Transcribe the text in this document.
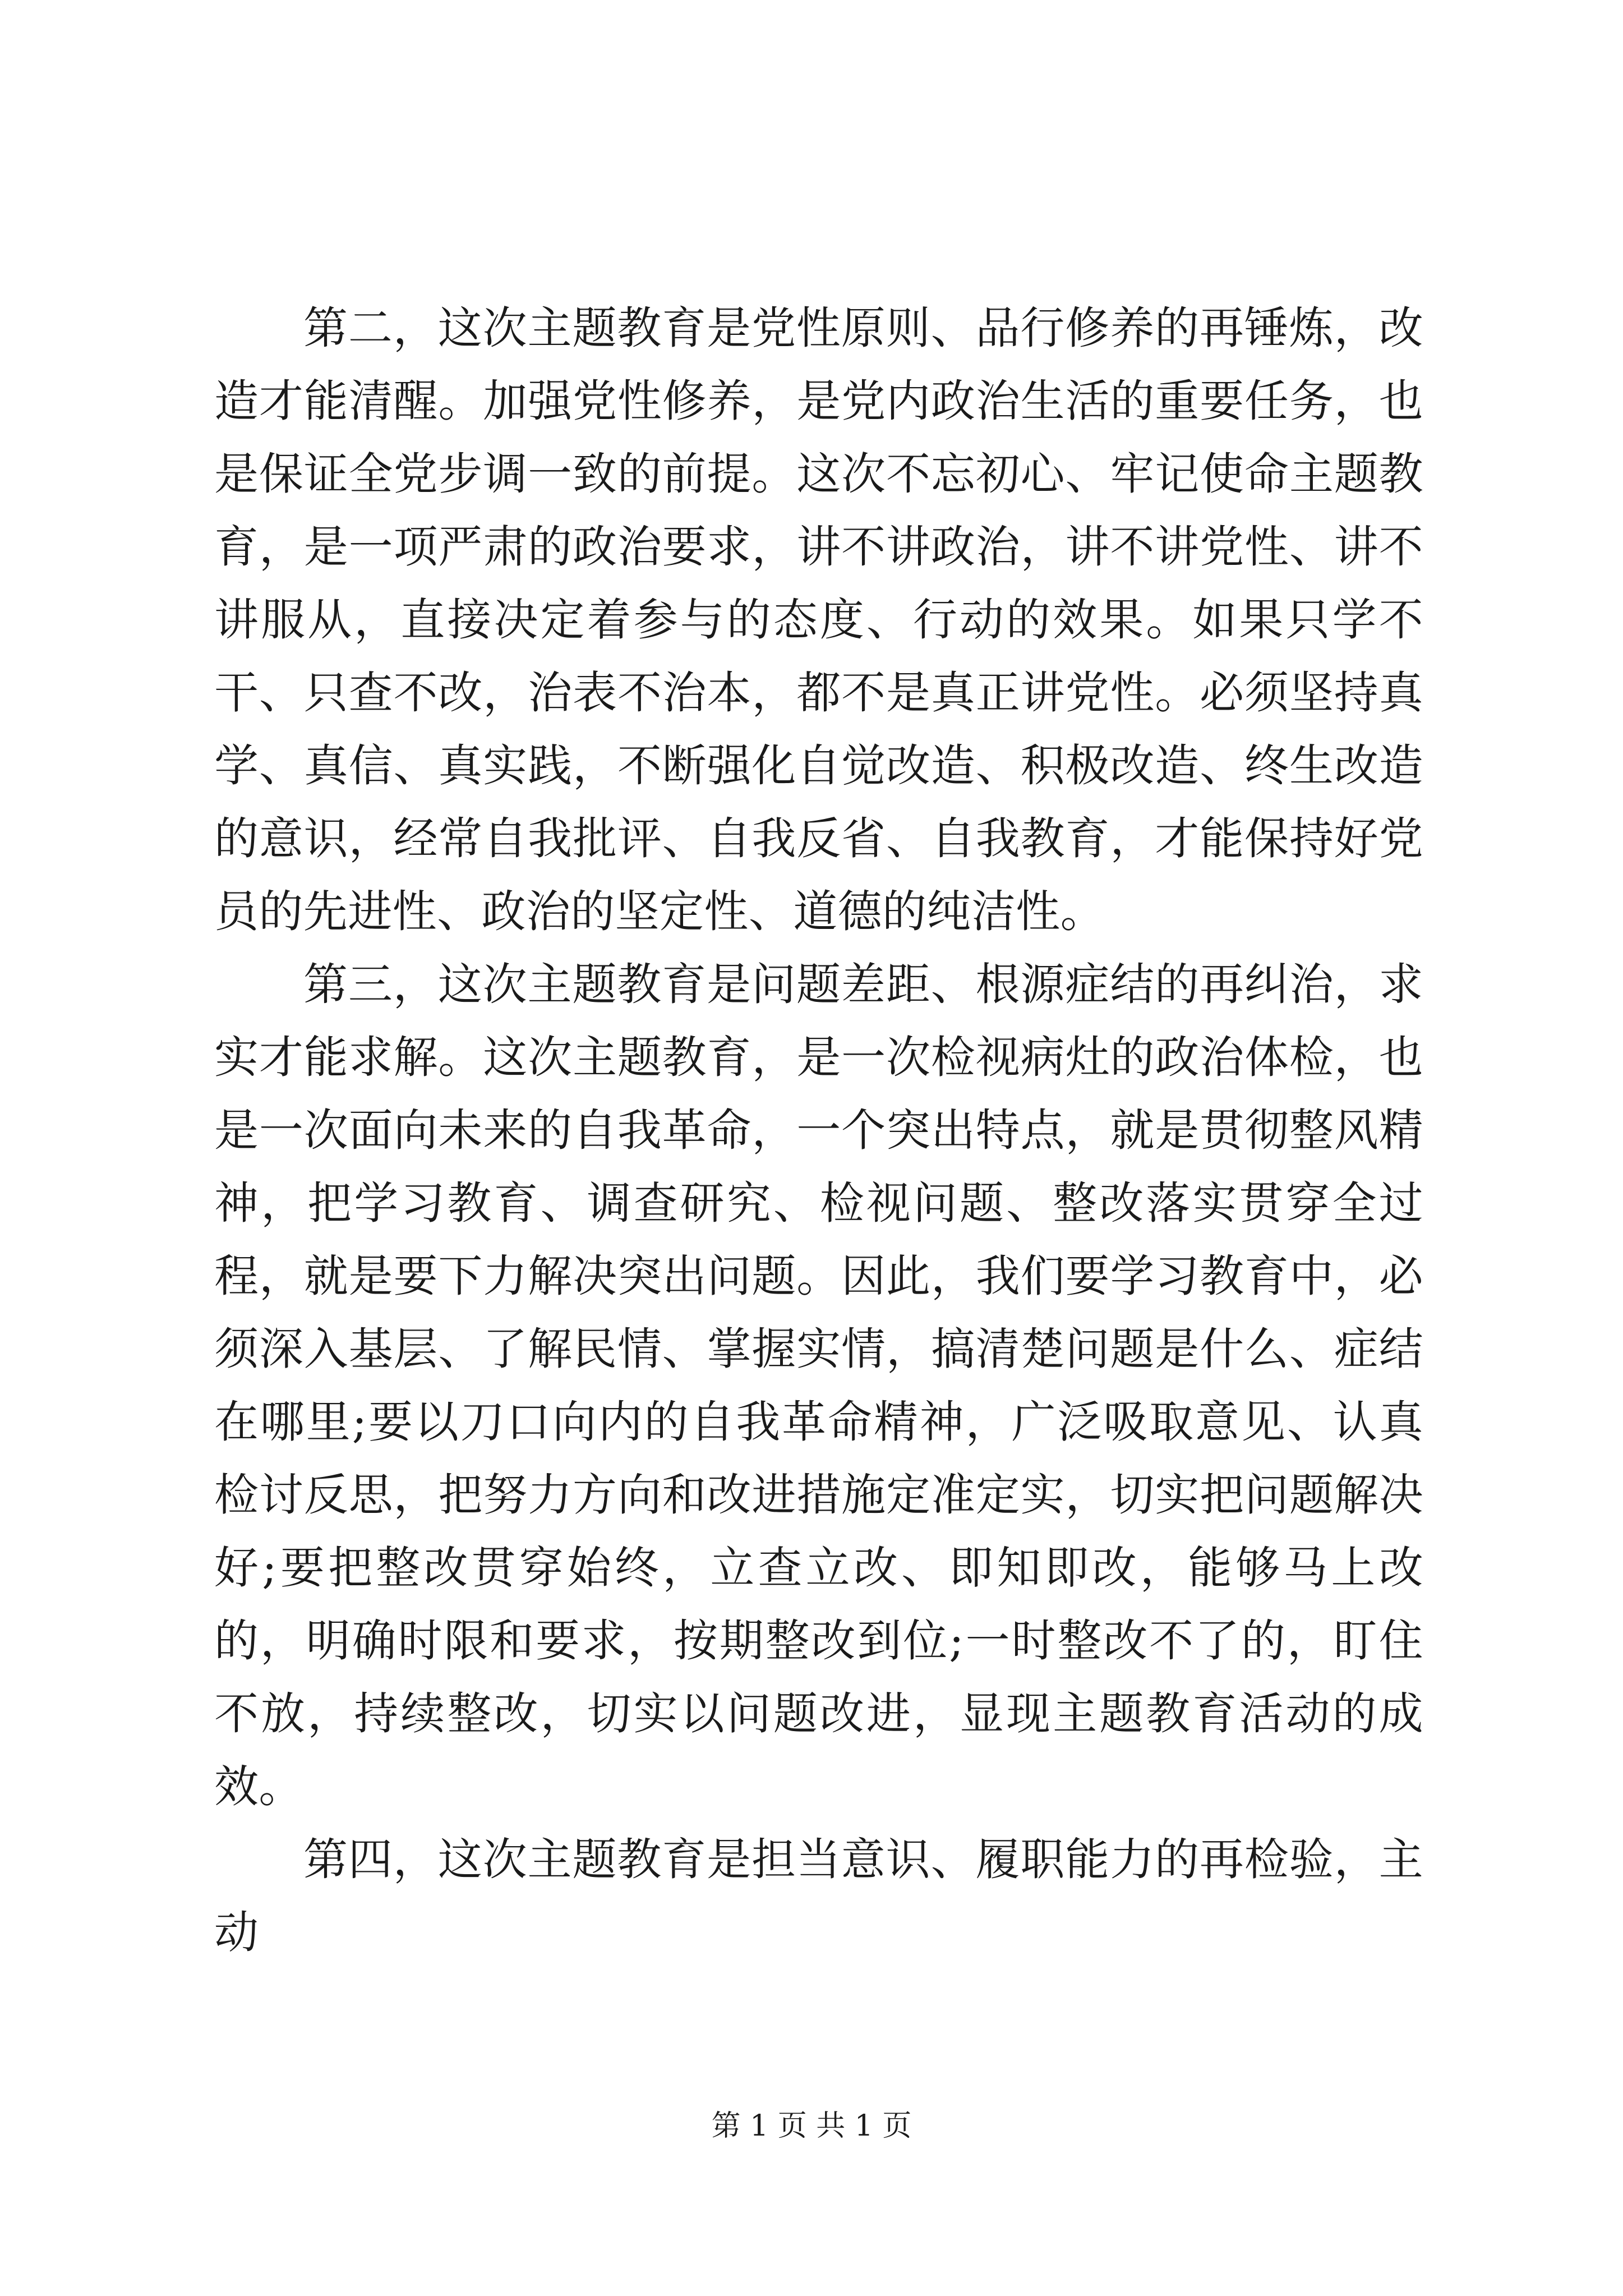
第二，这次主题教育是党性原则、品行修养的再锤炼，改造才能清醒。加强党性修养，是党内政治生活的重要任务，也是保证全党步调一致的前提。这次不忘初心、牢记使命主题教育，是一项严肃的政治要求，讲不讲政治，讲不讲党性、讲不讲服从，直接决定着参与的态度、行动的效果。如果只学不干、只查不改，治表不治本，都不是真正讲党性。必须坚持真学、真信、真实践，不断强化自觉改造、积极改造、终生改造的意识，经常自我批评、自我反省、自我教育，才能保持好党员的先进性、政治的坚定性、道德的纯洁性。

第三，这次主题教育是问题差距、根源症结的再纠治，求实才能求解。这次主题教育，是一次检视病灶的政治体检，也是一次面向未来的自我革命，一个突出特点，就是贯彻整风精神，把学习教育、调查研究、检视问题、整改落实贯穿全过程，就是要下力解决突出问题。因此，我们要学习教育中，必须深入基层、了解民情、掌握实情，搞清楚问题是什么、症结在哪里;要以刀口向内的自我革命精神，广泛吸取意见、认真检讨反思，把努力方向和改进措施定准定实，切实把问题解决好;要把整改贯穿始终，立查立改、即知即改，能够马上改的，明确时限和要求，按期整改到位;一时整改不了的，盯住不放，持续整改，切实以问题改进，显现主题教育活动的成效。

第四，这次主题教育是担当意识、履职能力的再检验，主动

第 1 页 共 1 页
